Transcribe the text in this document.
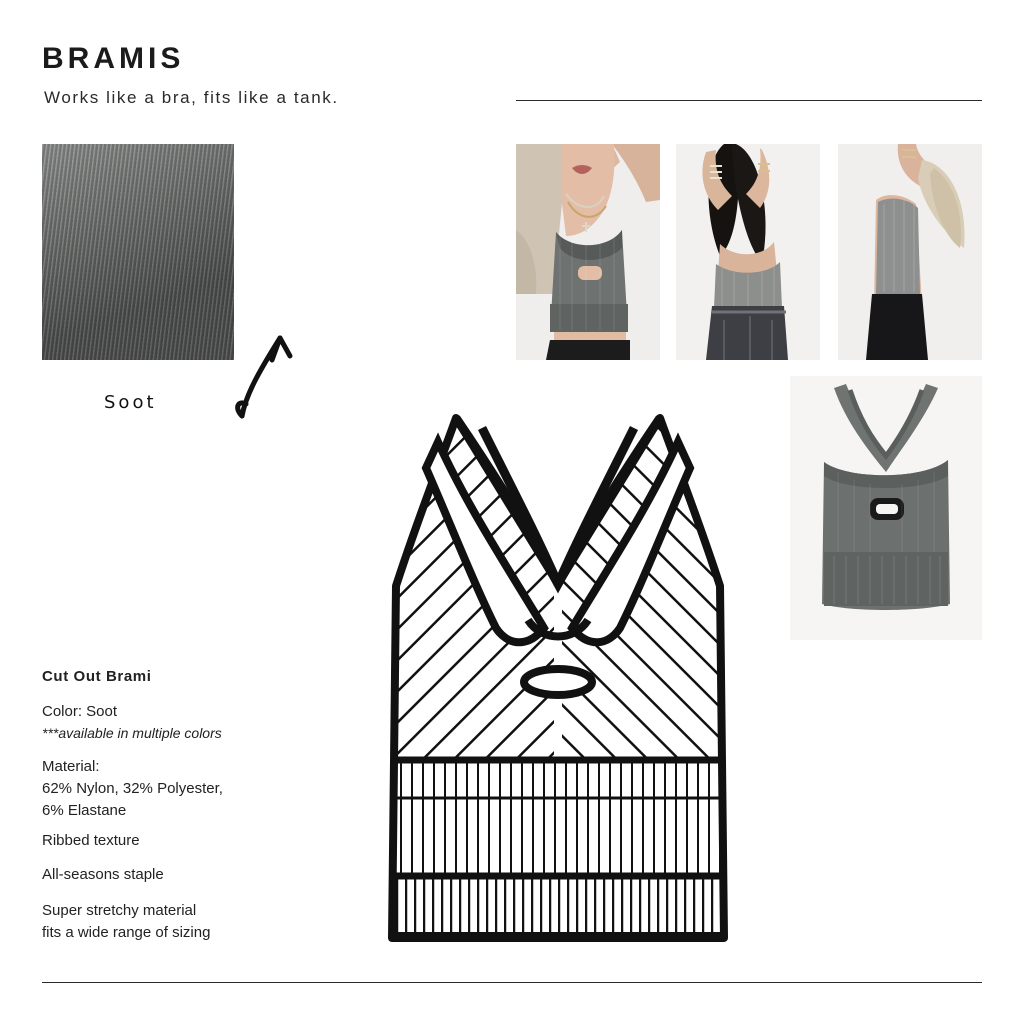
BRAMIS
Works like a bra, fits like a tank.
Soot
Cut Out Brami
Color: Soot
***available in multiple colors
Material:
62% Nylon, 32% Polyester,
6% Elastane
Ribbed texture
All-seasons staple
Super stretchy material
fits a wide range of sizing
